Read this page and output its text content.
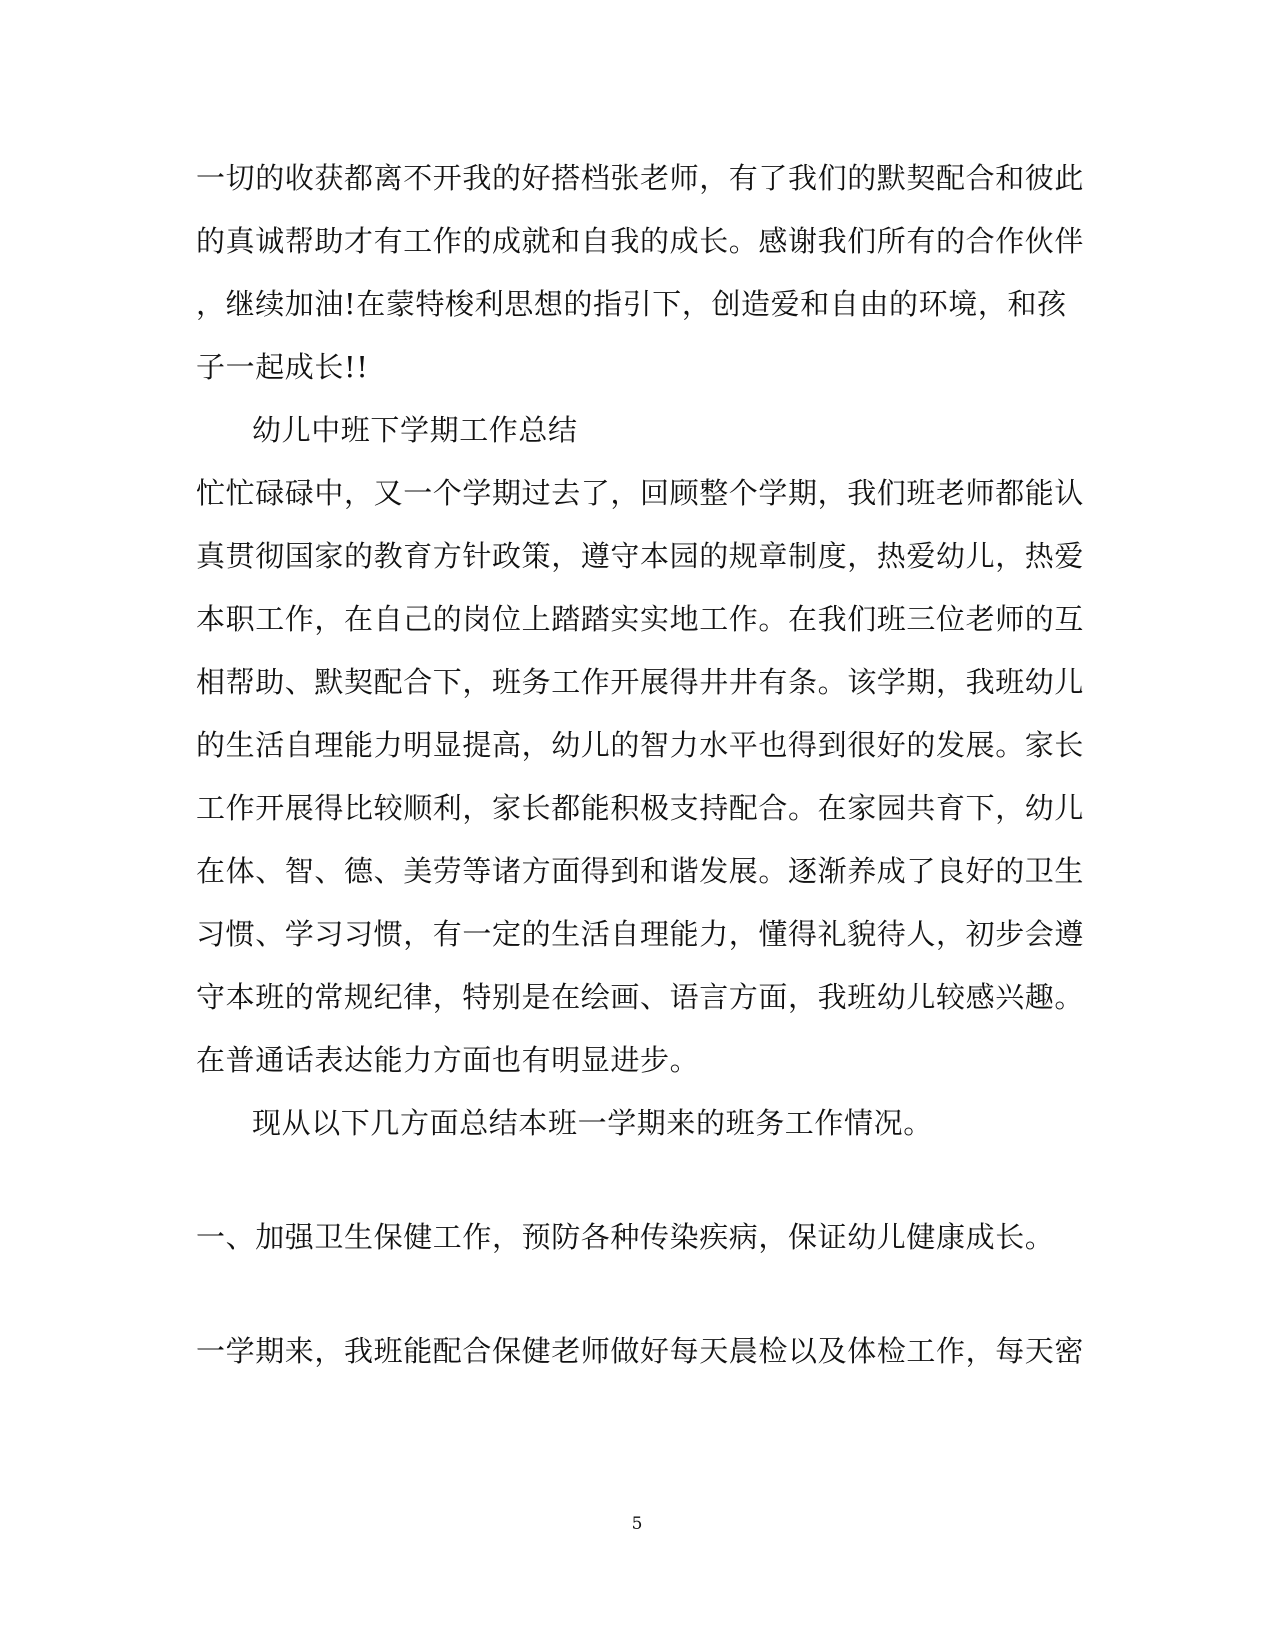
一切的收获都离不开我的好搭档张老师，有了我们的默契配合和彼此
的真诚帮助才有工作的成就和自我的成长。感谢我们所有的合作伙伴
，继续加油!在蒙特梭利思想的指引下，创造爱和自由的环境，和孩
子一起成长!!
幼儿中班下学期工作总结
忙忙碌碌中，又一个学期过去了，回顾整个学期，我们班老师都能认
真贯彻国家的教育方针政策，遵守本园的规章制度，热爱幼儿，热爱
本职工作，在自己的岗位上踏踏实实地工作。在我们班三位老师的互
相帮助、默契配合下，班务工作开展得井井有条。该学期，我班幼儿
的生活自理能力明显提高，幼儿的智力水平也得到很好的发展。家长
工作开展得比较顺利，家长都能积极支持配合。在家园共育下，幼儿
在体、智、德、美劳等诸方面得到和谐发展。逐渐养成了良好的卫生
习惯、学习习惯，有一定的生活自理能力，懂得礼貌待人，初步会遵
守本班的常规纪律，特别是在绘画、语言方面，我班幼儿较感兴趣。
在普通话表达能力方面也有明显进步。
现从以下几方面总结本班一学期来的班务工作情况。
一、加强卫生保健工作，预防各种传染疾病，保证幼儿健康成长。
一学期来，我班能配合保健老师做好每天晨检以及体检工作，每天密
5
